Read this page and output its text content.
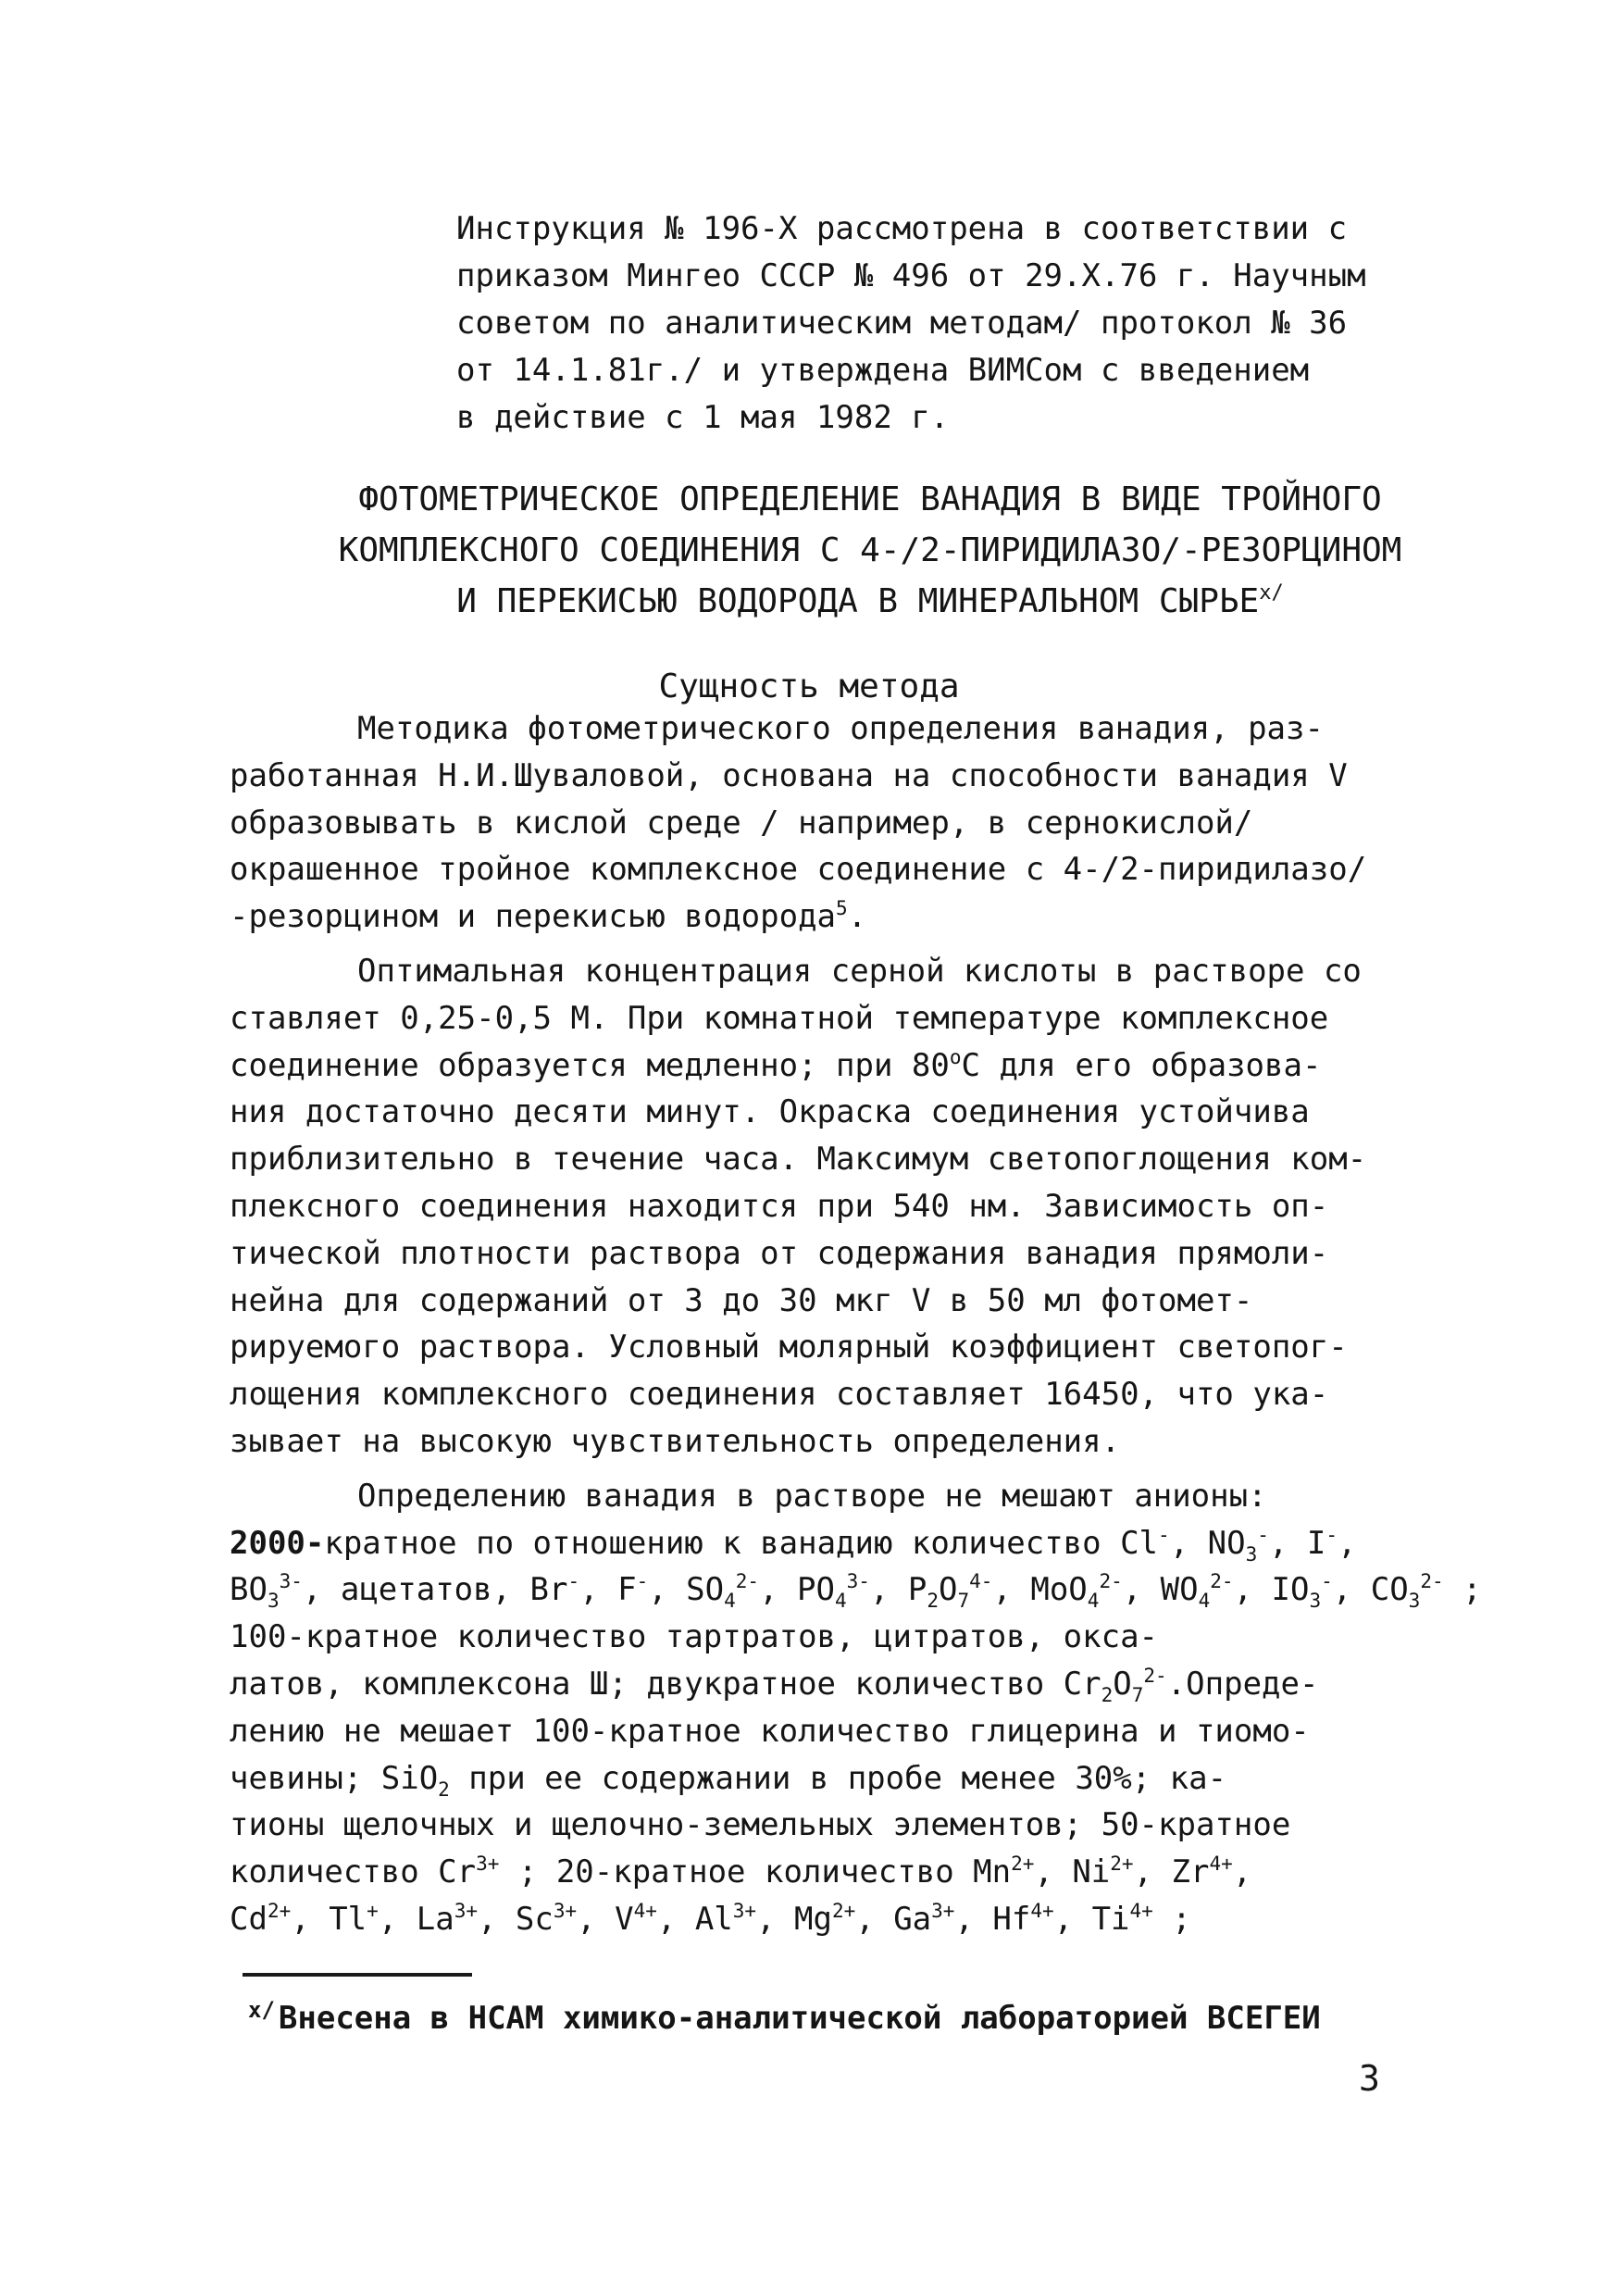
Инструкция № 196-X рассмотрена в соответствии с
приказом Мингео СССР № 496 от 29.X.76 г. Научным
советом по аналитическим методам/ протокол № 36
от 14.1.81г./ и утверждена ВИМСом с введением
в действие с 1 мая 1982 г.
ФОТОМЕТРИЧЕСКОЕ ОПРЕДЕЛЕНИЕ ВАНАДИЯ В ВИДЕ ТРОЙНОГО
КОМПЛЕКСНОГО СОЕДИНЕНИЯ С 4-/2-ПИРИДИЛАЗО/-РЕЗОРЦИНОМ
И ПЕРЕКИСЬЮ ВОДОРОДА В МИНЕРАЛЬНОМ СЫРЬЕ$^{x/}$
Сущность метода
Методика фотометрического определения ванадия, раз-
работанная Н.И.Шуваловой, основана на способности ванадия V
образовывать в кислой среде / например, в сернокислой/
окрашенное тройное комплексное соединение с 4-/2-пиридилазо/
-резорцином и перекисью водорода$^5$.
Оптимальная концентрация серной кислоты в растворе со
ставляет 0,25-0,5 М. При комнатной температуре комплексное
соединение образуется медленно; при $80^оС$ для его образова-
ния достаточно десяти минут. Окраска соединения устойчива
приблизительно в течение часа. Максимум светопоглощения ком-
плексного соединения находится при 540 нм. Зависимость оп-
тической плотности раствора от содержания ванадия прямоли-
нейна для содержаний от 3 до 30 мкг V в 50 мл фотомет-
рируемого раствора. Условный молярный коэффициент светопог-
лощения комплексного соединения составляет 16450, что ука-
зывает на высокую чувствительность определения.
Определению ванадия в растворе не мешают анионы:
2000-кратное по отношению к ванадию количество Cl-, $NO_3^-$, I-,
$BO_3^{3-}$, ацетатов, Br-, F-, $SO_4^{2-}$, $PO_4^{3-}$, $P_2O_7^{4-}$, MoO$_4^{2-}$, $WO_4^{2-}$, $IO_3^-$, $CO_3^{2-}$ ;
100-кратное количество тартратов, цитратов, окса-
латов, комплексона Ш; двукратное количество $Cr_2O_7^{2-}.Опреде-$
лению не мешает 100-кратное количество глицерина и тиомо-
чевины; SiO$_2$ при ее содержании в пробе менее 30%; ка-
тионы щелочных и щелочно-земельных элементов; 50-кратное
количество $Cr^{3+}$ ; 20-кратное количество $Mn^{2+}$, $Ni^{2+}$, $Zr^{4+}$,
$Cd^{2+}$, Tl+, $La^{3+}$, $Sc^{3+}$, $V^{4+}$, $Al^{3+}$, $Mg^{2+}$, $Ga^{3+}$, $Hf^{4+}$, $Ti^{4+}$ ;
$^{x/}$ Внесена в НСАМ химико-аналитической лабораторией ВСЕГЕИ
3
